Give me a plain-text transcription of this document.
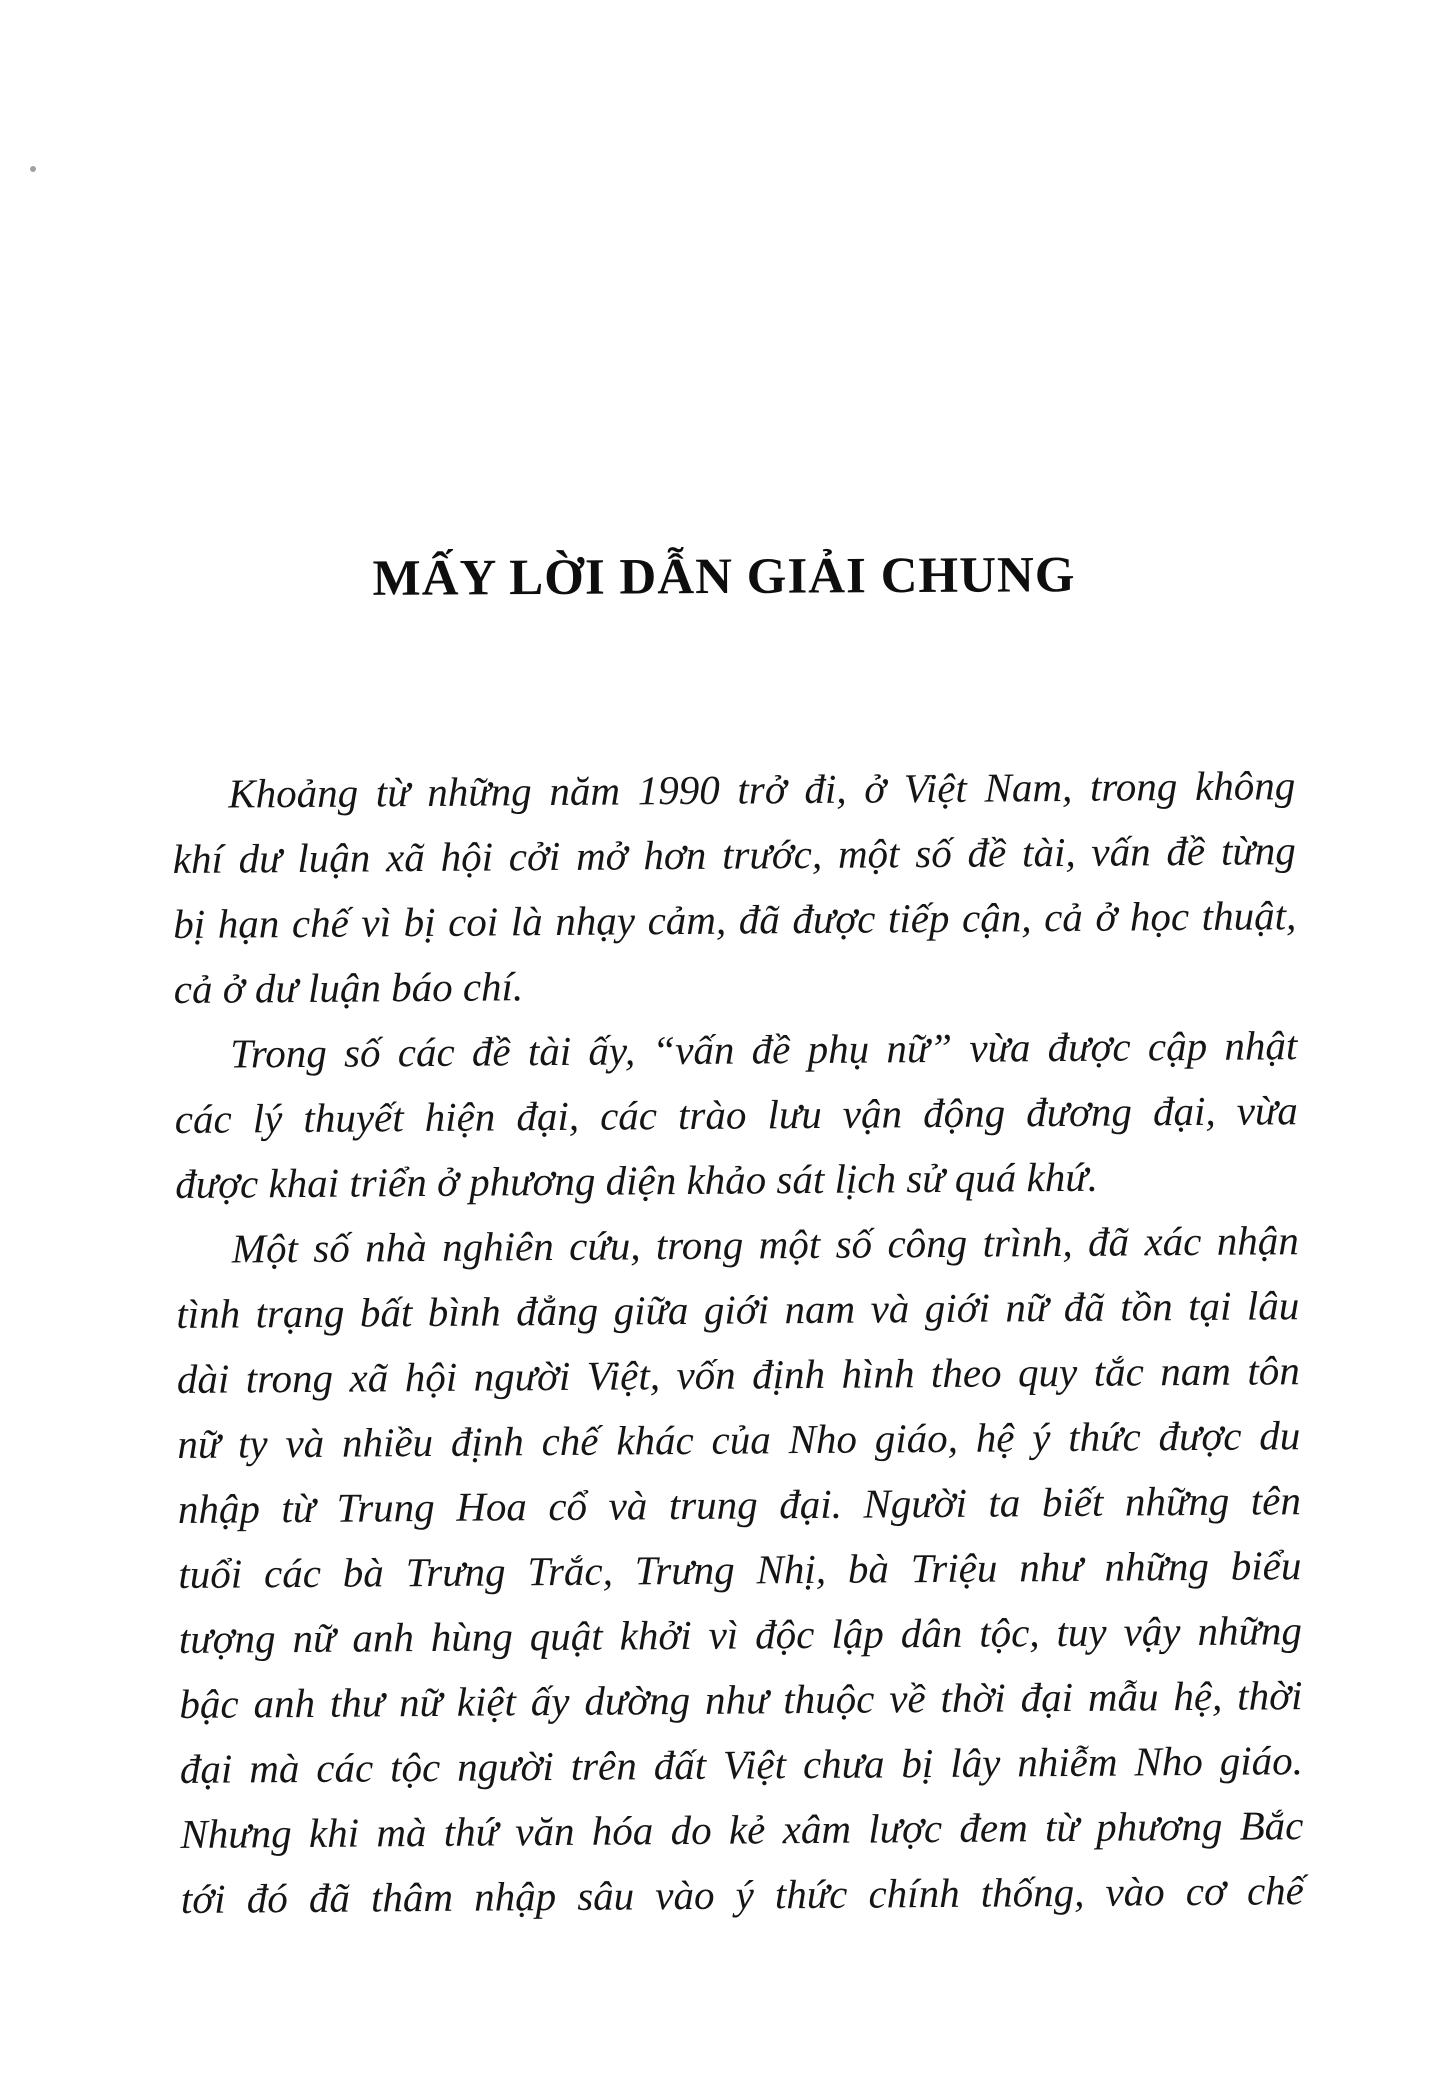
MẤY LỜI DẪN GIẢI CHUNG
Khoảng từ những năm 1990 trở đi, ở Việt Nam, trong không
khí dư luận xã hội cởi mở hơn trước, một số đề tài, vấn đề từng
bị hạn chế vì bị coi là nhạy cảm, đã được tiếp cận, cả ở học thuật,
cả ở dư luận báo chí.
Trong số các đề tài ấy, “vấn đề phụ nữ” vừa được cập nhật
các lý thuyết hiện đại, các trào lưu vận động đương đại, vừa
được khai triển ở phương diện khảo sát lịch sử quá khứ.
Một số nhà nghiên cứu, trong một số công trình, đã xác nhận
tình trạng bất bình đẳng giữa giới nam và giới nữ đã tồn tại lâu
dài trong xã hội người Việt, vốn định hình theo quy tắc nam tôn
nữ ty và nhiều định chế khác của Nho giáo, hệ ý thức được du
nhập từ Trung Hoa cổ và trung đại. Người ta biết những tên
tuổi các bà Trưng Trắc, Trưng Nhị, bà Triệu như những biểu
tượng nữ anh hùng quật khởi vì độc lập dân tộc, tuy vậy những
bậc anh thư nữ kiệt ấy dường như thuộc về thời đại mẫu hệ, thời
đại mà các tộc người trên đất Việt chưa bị lây nhiễm Nho giáo.
Nhưng khi mà thứ văn hóa do kẻ xâm lược đem từ phương Bắc
tới đó đã thâm nhập sâu vào ý thức chính thống, vào cơ chế
